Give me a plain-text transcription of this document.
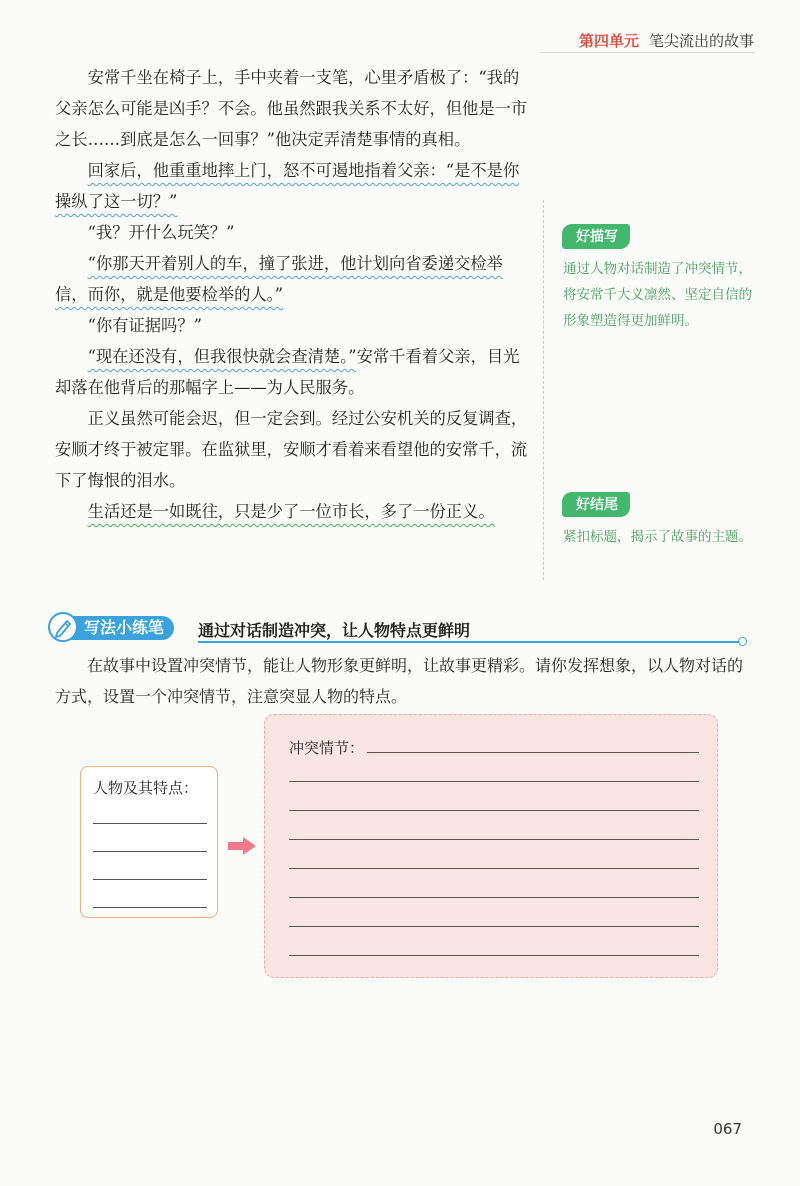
第四单元 笔尖流出的故事

安常千坐在椅子上，手中夹着一支笔，心里矛盾极了：“我的父亲怎么可能是凶手？不会。他虽然跟我关系不太好，但他是一市之长……到底是怎么一回事？”他决定弄清楚事情的真相。

回家后，他重重地摔上门，怒不可遏地指着父亲：“是不是你操纵了这一切？”

“我？开什么玩笑？”

“你那天开着别人的车，撞了张进，他计划向省委递交检举信，而你，就是他要检举的人。”

“你有证据吗？”

“现在还没有，但我很快就会查清楚。”安常千看着父亲，目光却落在他背后的那幅字上——为人民服务。

正义虽然可能会迟，但一定会到。经过公安机关的反复调查，安顺才终于被定罪。在监狱里，安顺才看着来看望他的安常千，流下了悔恨的泪水。

生活还是一如既往，只是少了一位市长，多了一份正义。

好描写
通过人物对话制造了冲突情节，将安常千大义凛然、坚定自信的形象塑造得更加鲜明。
好结尾
紧扣标题，揭示了故事的主题。
写法小练笔	通过对话制造冲突，让人物特点更鲜明
在故事中设置冲突情节，能让人物形象更鲜明，让故事更精彩。请你发挥想象，以人物对话的方式，设置一个冲突情节，注意突显人物的特点。
人物及其特点：
冲突情节：
067
